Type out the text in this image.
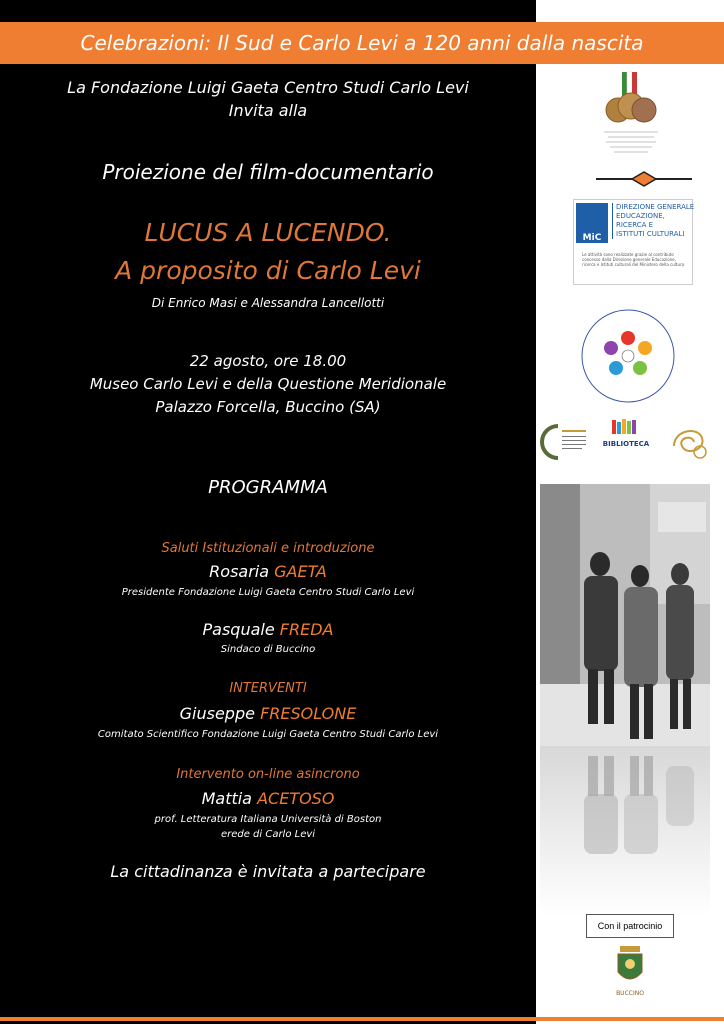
Celebrazioni: Il Sud e Carlo Levi a 120 anni dalla nascita
La Fondazione Luigi Gaeta Centro Studi Carlo Levi
Invita alla
Proiezione del film-documentario
LUCUS A LUCENDO.
A proposito di Carlo Levi
Di Enrico Masi e Alessandra Lancellotti
22 agosto, ore 18.00
Museo Carlo Levi e della Questione Meridionale
Palazzo Forcella, Buccino (SA)
PROGRAMMA
Saluti Istituzionali e introduzione
Rosaria GAETA
Presidente Fondazione Luigi Gaeta Centro Studi Carlo Levi
Pasquale FREDA
Sindaco di Buccino
INTERVENTI
Giuseppe FRESOLONE
Comitato Scientifico Fondazione Luigi Gaeta Centro Studi Carlo Levi
Intervento on-line asincrono
Mattia ACETOSO
prof. Letteratura Italiana Università di Boston
erede di Carlo Levi
La cittadinanza è invitata a partecipare
MiC
DIREZIONE GENERALE
EDUCAZIONE,
RICERCA E
ISTITUTI CULTURALI
Le attività sono realizzate grazie al contributo concesso dalla Direzione generale Educazione, ricerca e Istituti culturali del Ministero della cultura
BIBLIOTECA
Con il patrocinio
BUCCINO
